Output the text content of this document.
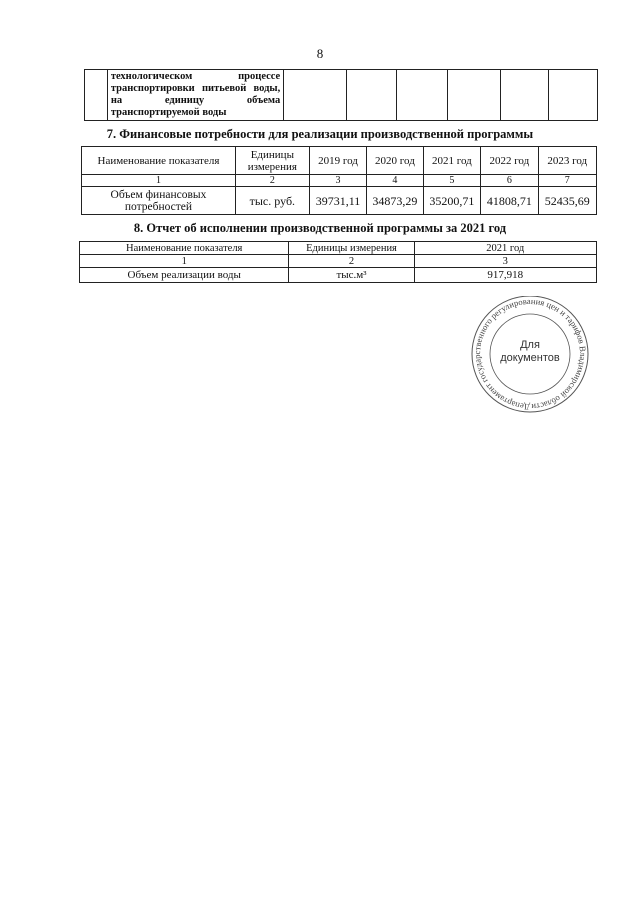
8
	технологическом процессе транспортировки питьевой воды, на единицу объема транспортируемой воды						
7. Финансовые потребности для реализации производственной программы
Наименование показателя	Единицы измерения	2019 год	2020 год	2021 год	2022 год	2023 год
1	2	3	4	5	6	7
Объем финансовых потребностей	тыс. руб.	39731,11	34873,29	35200,71	41808,71	52435,69
8. Отчет об исполнении производственной программы за 2021 год
Наименование показателя	Единицы измерения	2021 год
1	2	3
Объем реализации воды	тыс.м³	917,918
Департамент государственного регулирования цен и тарифов Владимирской области
Для
документов
